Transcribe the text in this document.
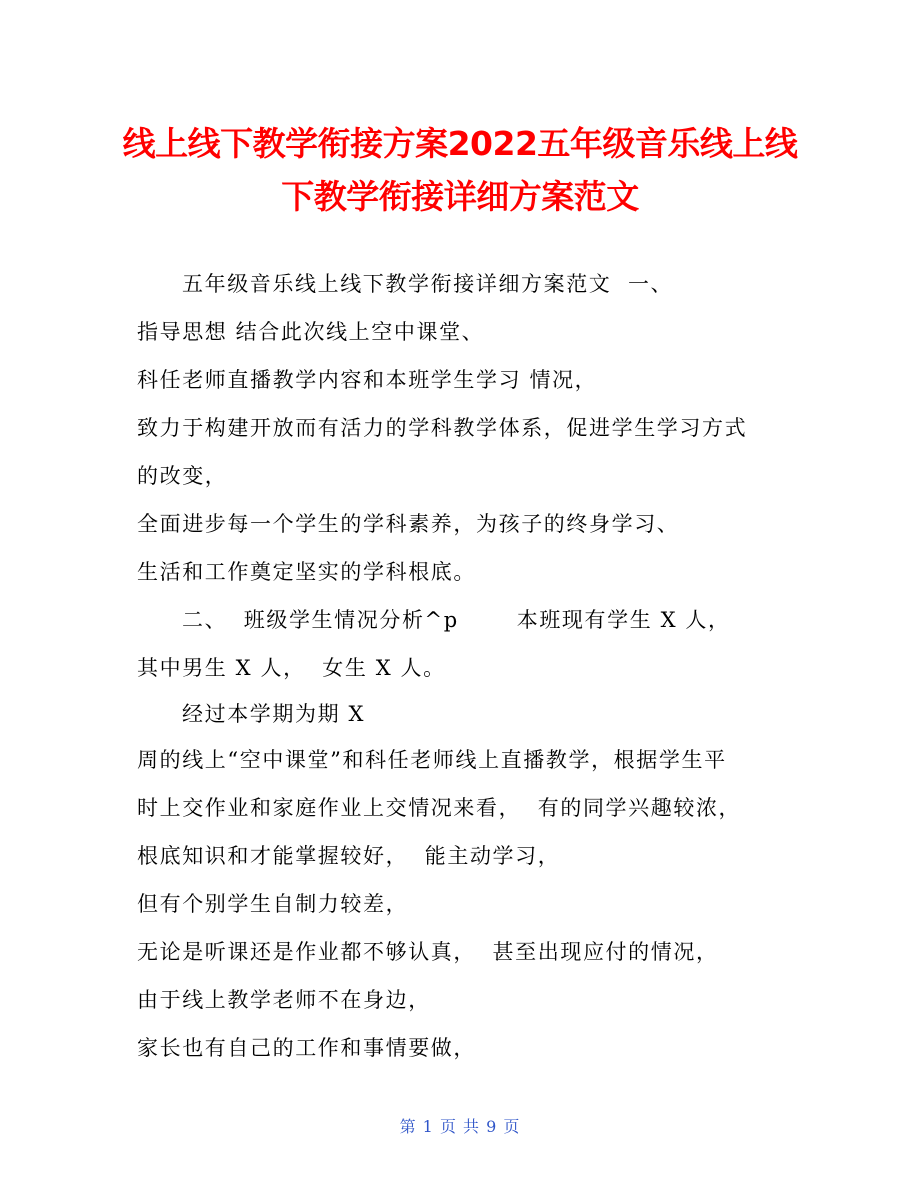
线上线下教学衔接方案2022五年级音乐线上线
下教学衔接详细方案范文
五年级音乐线上线下教学衔接详细方案范文  一、
指导思想 结合此次线上空中课堂、
科任老师直播教学内容和本班学生学习 情况，
致力于构建开放而有活力的学科教学体系，促进学生学习方式
的改变，
全面进步每一个学生的学科素养，为孩子的终身学习、
生活和工作奠定坚实的学科根底。
二、  班级学生情况分析^p       本班现有学生 X 人，
其中男生 X 人，  女生 X 人。
经过本学期为期 X
周的线上“空中课堂”和科任老师线上直播教学，根据学生平
时上交作业和家庭作业上交情况来看，  有的同学兴趣较浓，
根底知识和才能掌握较好，  能主动学习，
但有个别学生自制力较差，
无论是听课还是作业都不够认真，  甚至出现应付的情况，
由于线上教学老师不在身边，
家长也有自己的工作和事情要做，
第 1 页 共 9 页
